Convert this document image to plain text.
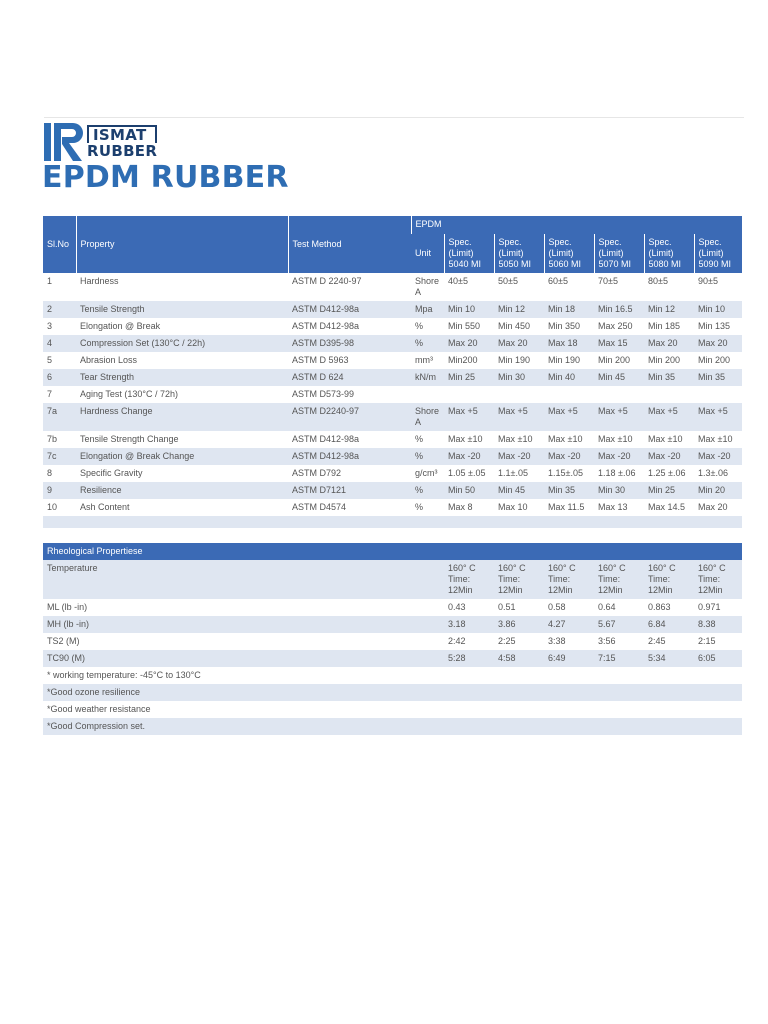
ISMAT
RUBBER
EPDM RUBBER
Sl.No	Property	Test Method	EPDM						
			Unit	Spec. (Limit) 5040 MI	Spec. (Limit) 5050 MI	Spec. (Limit) 5060 MI	Spec. (Limit) 5070 MI	Spec. (Limit) 5080 MI	Spec. (Limit) 5090 MI
1	Hardness	ASTM D 2240-97	Shore A	40±5	50±5	60±5	70±5	80±5	90±5
2	Tensile Strength	ASTM D412-98a	Mpa	Min 10	Min 12	Min 18	Min 16.5	Min 12	Min 10
3	Elongation @ Break	ASTM D412-98a	%	Min 550	Min 450	Min 350	Max 250	Min 185	Min 135
4	Compression Set (130°C / 22h)	ASTM D395-98	%	Max 20	Max 20	Max 18	Max 15	Max 20	Max 20
5	Abrasion Loss	ASTM D 5963	mm³	Min200	Min 190	Min 190	Min 200	Min 200	Min 200
6	Tear Strength	ASTM D 624	kN/m	Min 25	Min 30	Min 40	Min 45	Min 35	Min 35
7	Aging Test (130°C / 72h)	ASTM D573-99							
7a	Hardness Change	ASTM D2240-97	Shore A	Max +5	Max +5	Max +5	Max +5	Max +5	Max +5
7b	Tensile Strength Change	ASTM D412-98a	%	Max ±10	Max ±10	Max ±10	Max ±10	Max ±10	Max ±10
7c	Elongation @ Break Change	ASTM D412-98a	%	Max -20	Max -20	Max -20	Max -20	Max -20	Max -20
8	Specific Gravity	ASTM D792	g/cm³	1.05 ±.05	1.1±.05	1.15±.05	1.18 ±.06	1.25 ±.06	1.3±.06
9	Resilience	ASTM D7121	%	Min 50	Min 45	Min 35	Min 30	Min 25	Min 20
10	Ash Content	ASTM D4574	%	Max 8	Max 10	Max 11.5	Max 13	Max 14.5	Max 20

Rheological Propertiese						
Temperature	160° C Time: 12Min	160° C Time: 12Min	160° C Time: 12Min	160° C Time: 12Min	160° C Time: 12Min	160° C Time: 12Min
ML (lb -in)	0.43	0.51	0.58	0.64	0.863	0.971
MH (lb -in)	3.18	3.86	4.27	5.67	6.84	8.38
TS2 (M)	2:42	2:25	3:38	3:56	2:45	2:15
TC90 (M)	5:28	4:58	6:49	7:15	5:34	6:05
* working temperature: -45°C to 130°C						
*Good ozone resilience						
*Good weather resistance						
*Good Compression set.						
